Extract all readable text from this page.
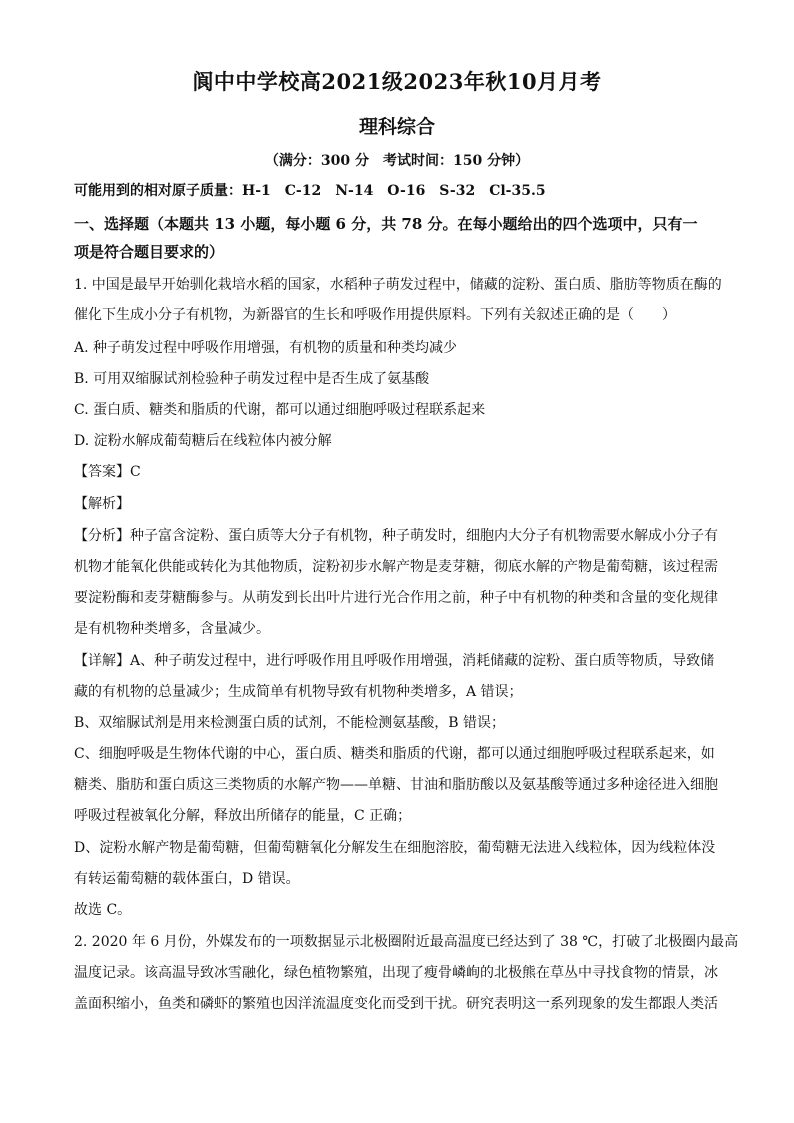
阆中中学校高2021级2023年秋10月月考
理科综合
（满分：300 分　考试时间：150 分钟）
可能用到的相对原子质量：H-1　C-12　N-14　O-16　S-32　Cl-35.5
一、选择题（本题共 13 小题，每小题 6 分，共 78 分。在每小题给出的四个选项中，只有一
项是符合题目要求的）
1. 中国是最早开始驯化栽培水稻的国家，水稻种子萌发过程中，储藏的淀粉、蛋白质、脂肪等物质在酶的
催化下生成小分子有机物，为新器官的生长和呼吸作用提供原料。下列有关叙述正确的是（　　）
A. 种子萌发过程中呼吸作用增强，有机物的质量和种类均减少
B. 可用双缩脲试剂检验种子萌发过程中是否生成了氨基酸
C. 蛋白质、糖类和脂质的代谢，都可以通过细胞呼吸过程联系起来
D. 淀粉水解成葡萄糖后在线粒体内被分解
【答案】C
【解析】
【分析】种子富含淀粉、蛋白质等大分子有机物，种子萌发时，细胞内大分子有机物需要水解成小分子有
机物才能氧化供能或转化为其他物质，淀粉初步水解产物是麦芽糖，彻底水解的产物是葡萄糖，该过程需
要淀粉酶和麦芽糖酶参与。从萌发到长出叶片进行光合作用之前，种子中有机物的种类和含量的变化规律
是有机物种类增多，含量减少。
【详解】A、种子萌发过程中，进行呼吸作用且呼吸作用增强，消耗储藏的淀粉、蛋白质等物质，导致储
藏的有机物的总量减少；生成简单有机物导致有机物种类增多，A 错误；
B、双缩脲试剂是用来检测蛋白质的试剂，不能检测氨基酸，B 错误；
C、细胞呼吸是生物体代谢的中心，蛋白质、糖类和脂质的代谢，都可以通过细胞呼吸过程联系起来，如
糖类、脂肪和蛋白质这三类物质的水解产物——单糖、甘油和脂肪酸以及氨基酸等通过多种途径进入细胞
呼吸过程被氧化分解，释放出所储存的能量，C 正确；
D、淀粉水解产物是葡萄糖，但葡萄糖氧化分解发生在细胞溶胶，葡萄糖无法进入线粒体，因为线粒体没
有转运葡萄糖的载体蛋白，D 错误。
故选 C。
2. 2020 年 6 月份，外媒发布的一项数据显示北极圈附近最高温度已经达到了 38 ℃，打破了北极圈内最高
温度记录。该高温导致冰雪融化，绿色植物繁殖，出现了瘦骨嶙峋的北极熊在草丛中寻找食物的情景，冰
盖面积缩小，鱼类和磷虾的繁殖也因洋流温度变化而受到干扰。研究表明这一系列现象的发生都跟人类活
